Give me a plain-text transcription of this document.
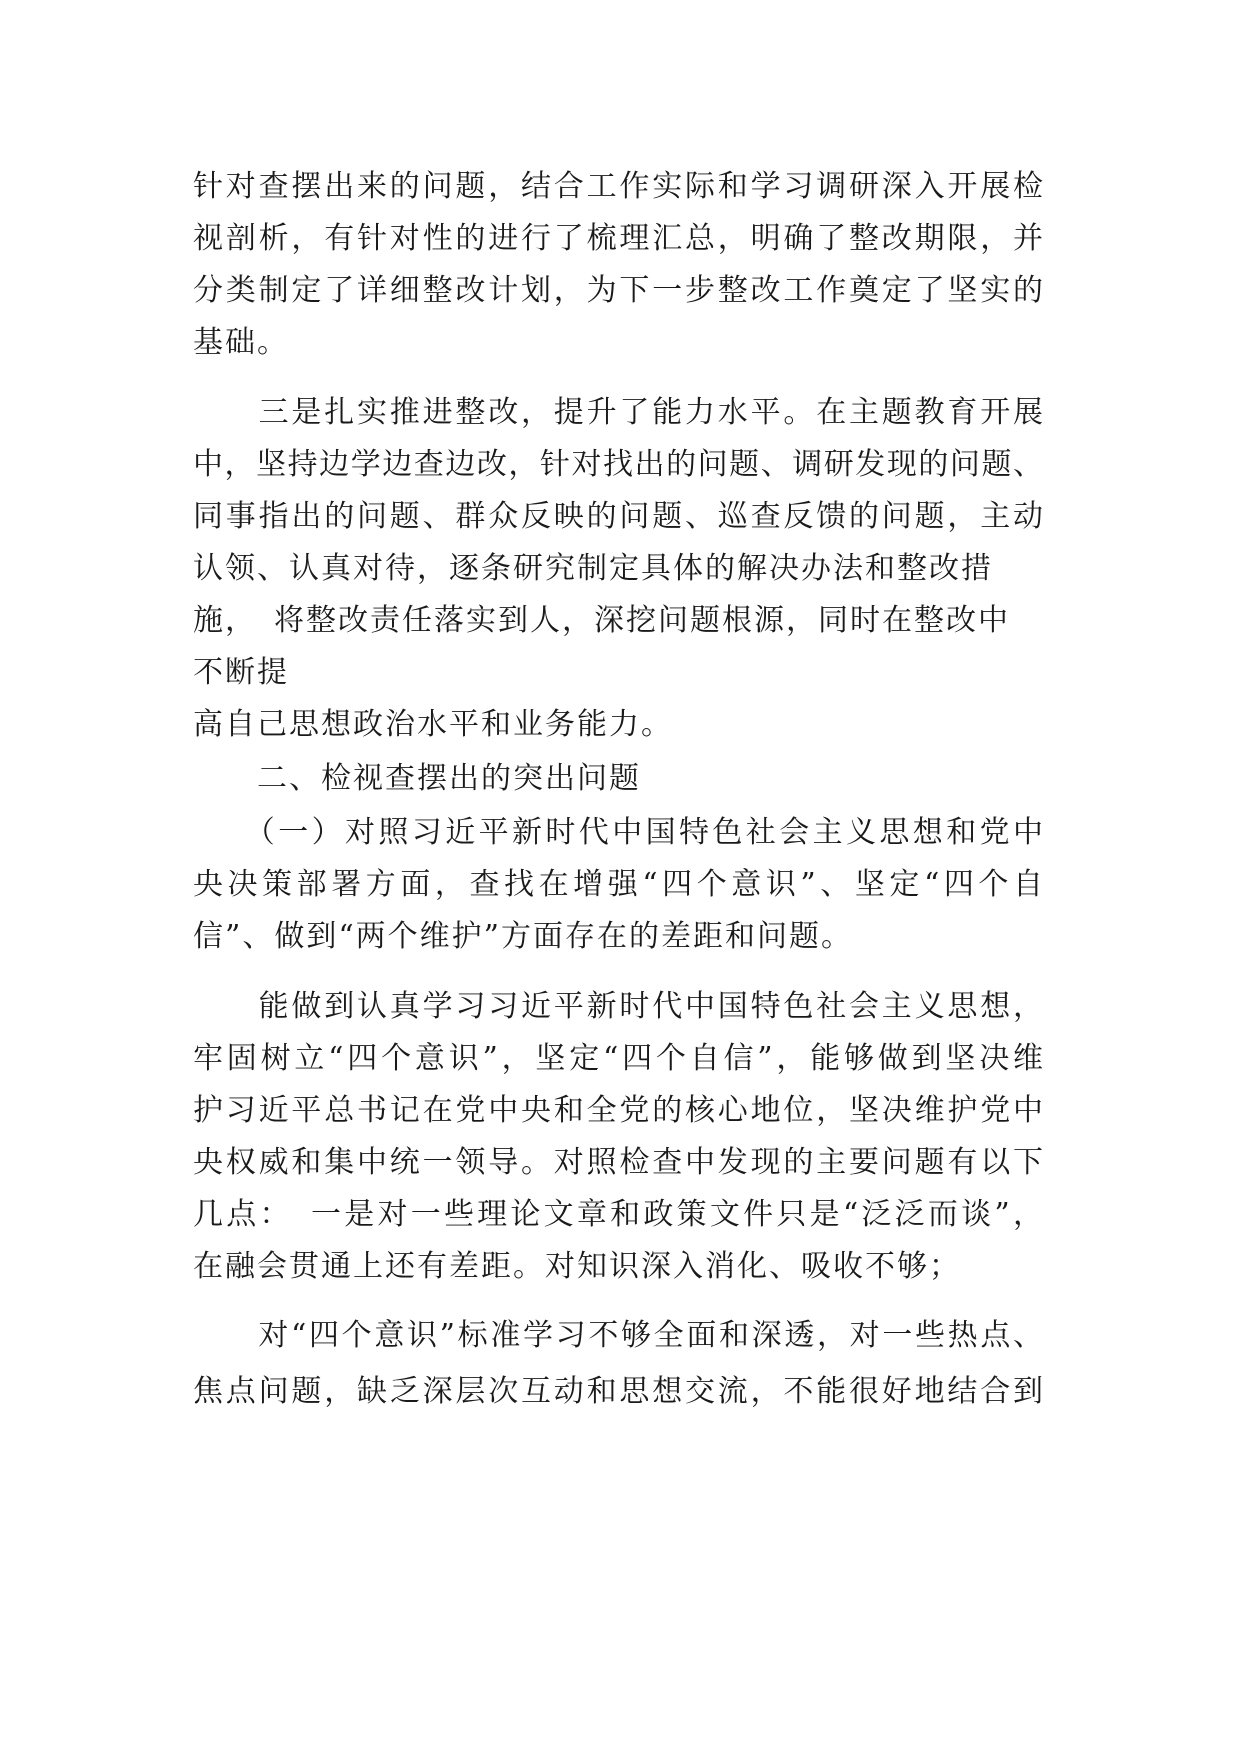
针对查摆出来的问题，结合工作实际和学习调研深入开展检
视剖析，有针对性的进行了梳理汇总，明确了整改期限，并
分类制定了详细整改计划，为下一步整改工作奠定了坚实的
基础。
　　三是扎实推进整改，提升了能力水平。在主题教育开展
中，坚持边学边查边改，针对找出的问题、调研发现的问题、
同事指出的问题、群众反映的问题、巡查反馈的问题，主动
认领、认真对待，逐条研究制定具体的解决办法和整改措
施，　将整改责任落实到人，深挖问题根源，同时在整改中
不断提
高自己思想政治水平和业务能力。
　　二、检视查摆出的突出问题
　　（一）对照习近平新时代中国特色社会主义思想和党中
央决策部署方面，查找在增强“四个意识”、坚定“四个自
信”、做到“两个维护”方面存在的差距和问题。
　　能做到认真学习习近平新时代中国特色社会主义思想，
牢固树立“四个意识”，坚定“四个自信”，能够做到坚决维
护习近平总书记在党中央和全党的核心地位，坚决维护党中
央权威和集中统一领导。对照检查中发现的主要问题有以下
几点：　一是对一些理论文章和政策文件只是“泛泛而谈”，
在融会贯通上还有差距。对知识深入消化、吸收不够；
　　对“四个意识”标准学习不够全面和深透，对一些热点、
焦点问题，缺乏深层次互动和思想交流，不能很好地结合到
